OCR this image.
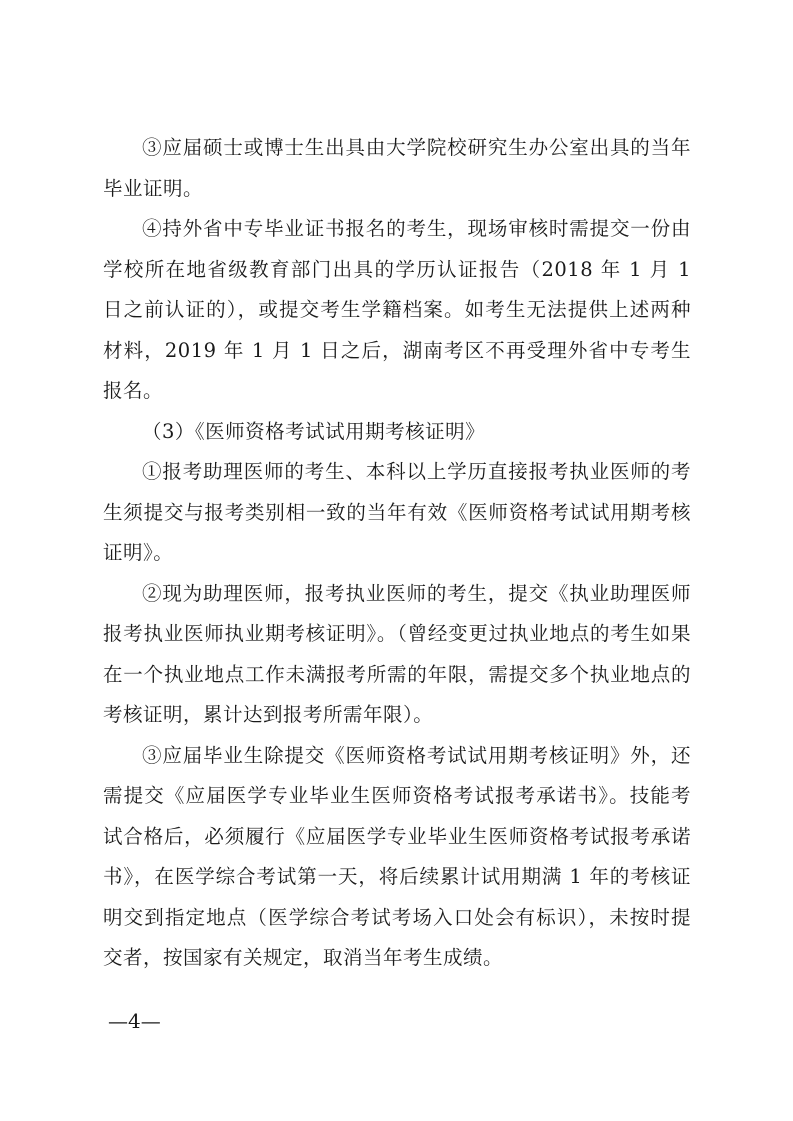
③应届硕士或博士生出具由大学院校研究生办公室出具的当年毕业证明。

④持外省中专毕业证书报名的考生，现场审核时需提交一份由学校所在地省级教育部门出具的学历认证报告（2018 年 1 月 1 日之前认证的），或提交考生学籍档案。如考生无法提供上述两种材料，2019 年 1 月 1 日之后，湖南考区不再受理外省中专考生报名。

（3）《医师资格考试试用期考核证明》

①报考助理医师的考生、本科以上学历直接报考执业医师的考生须提交与报考类别相一致的当年有效《医师资格考试试用期考核证明》。

②现为助理医师，报考执业医师的考生，提交《执业助理医师报考执业医师执业期考核证明》。（曾经变更过执业地点的考生如果在一个执业地点工作未满报考所需的年限，需提交多个执业地点的考核证明，累计达到报考所需年限）。

③应届毕业生除提交《医师资格考试试用期考核证明》外，还需提交《应届医学专业毕业生医师资格考试报考承诺书》。技能考试合格后，必须履行《应届医学专业毕业生医师资格考试报考承诺书》，在医学综合考试第一天，将后续累计试用期满 1 年的考核证明交到指定地点（医学综合考试考场入口处会有标识），未按时提交者，按国家有关规定，取消当年考生成绩。

—4—
